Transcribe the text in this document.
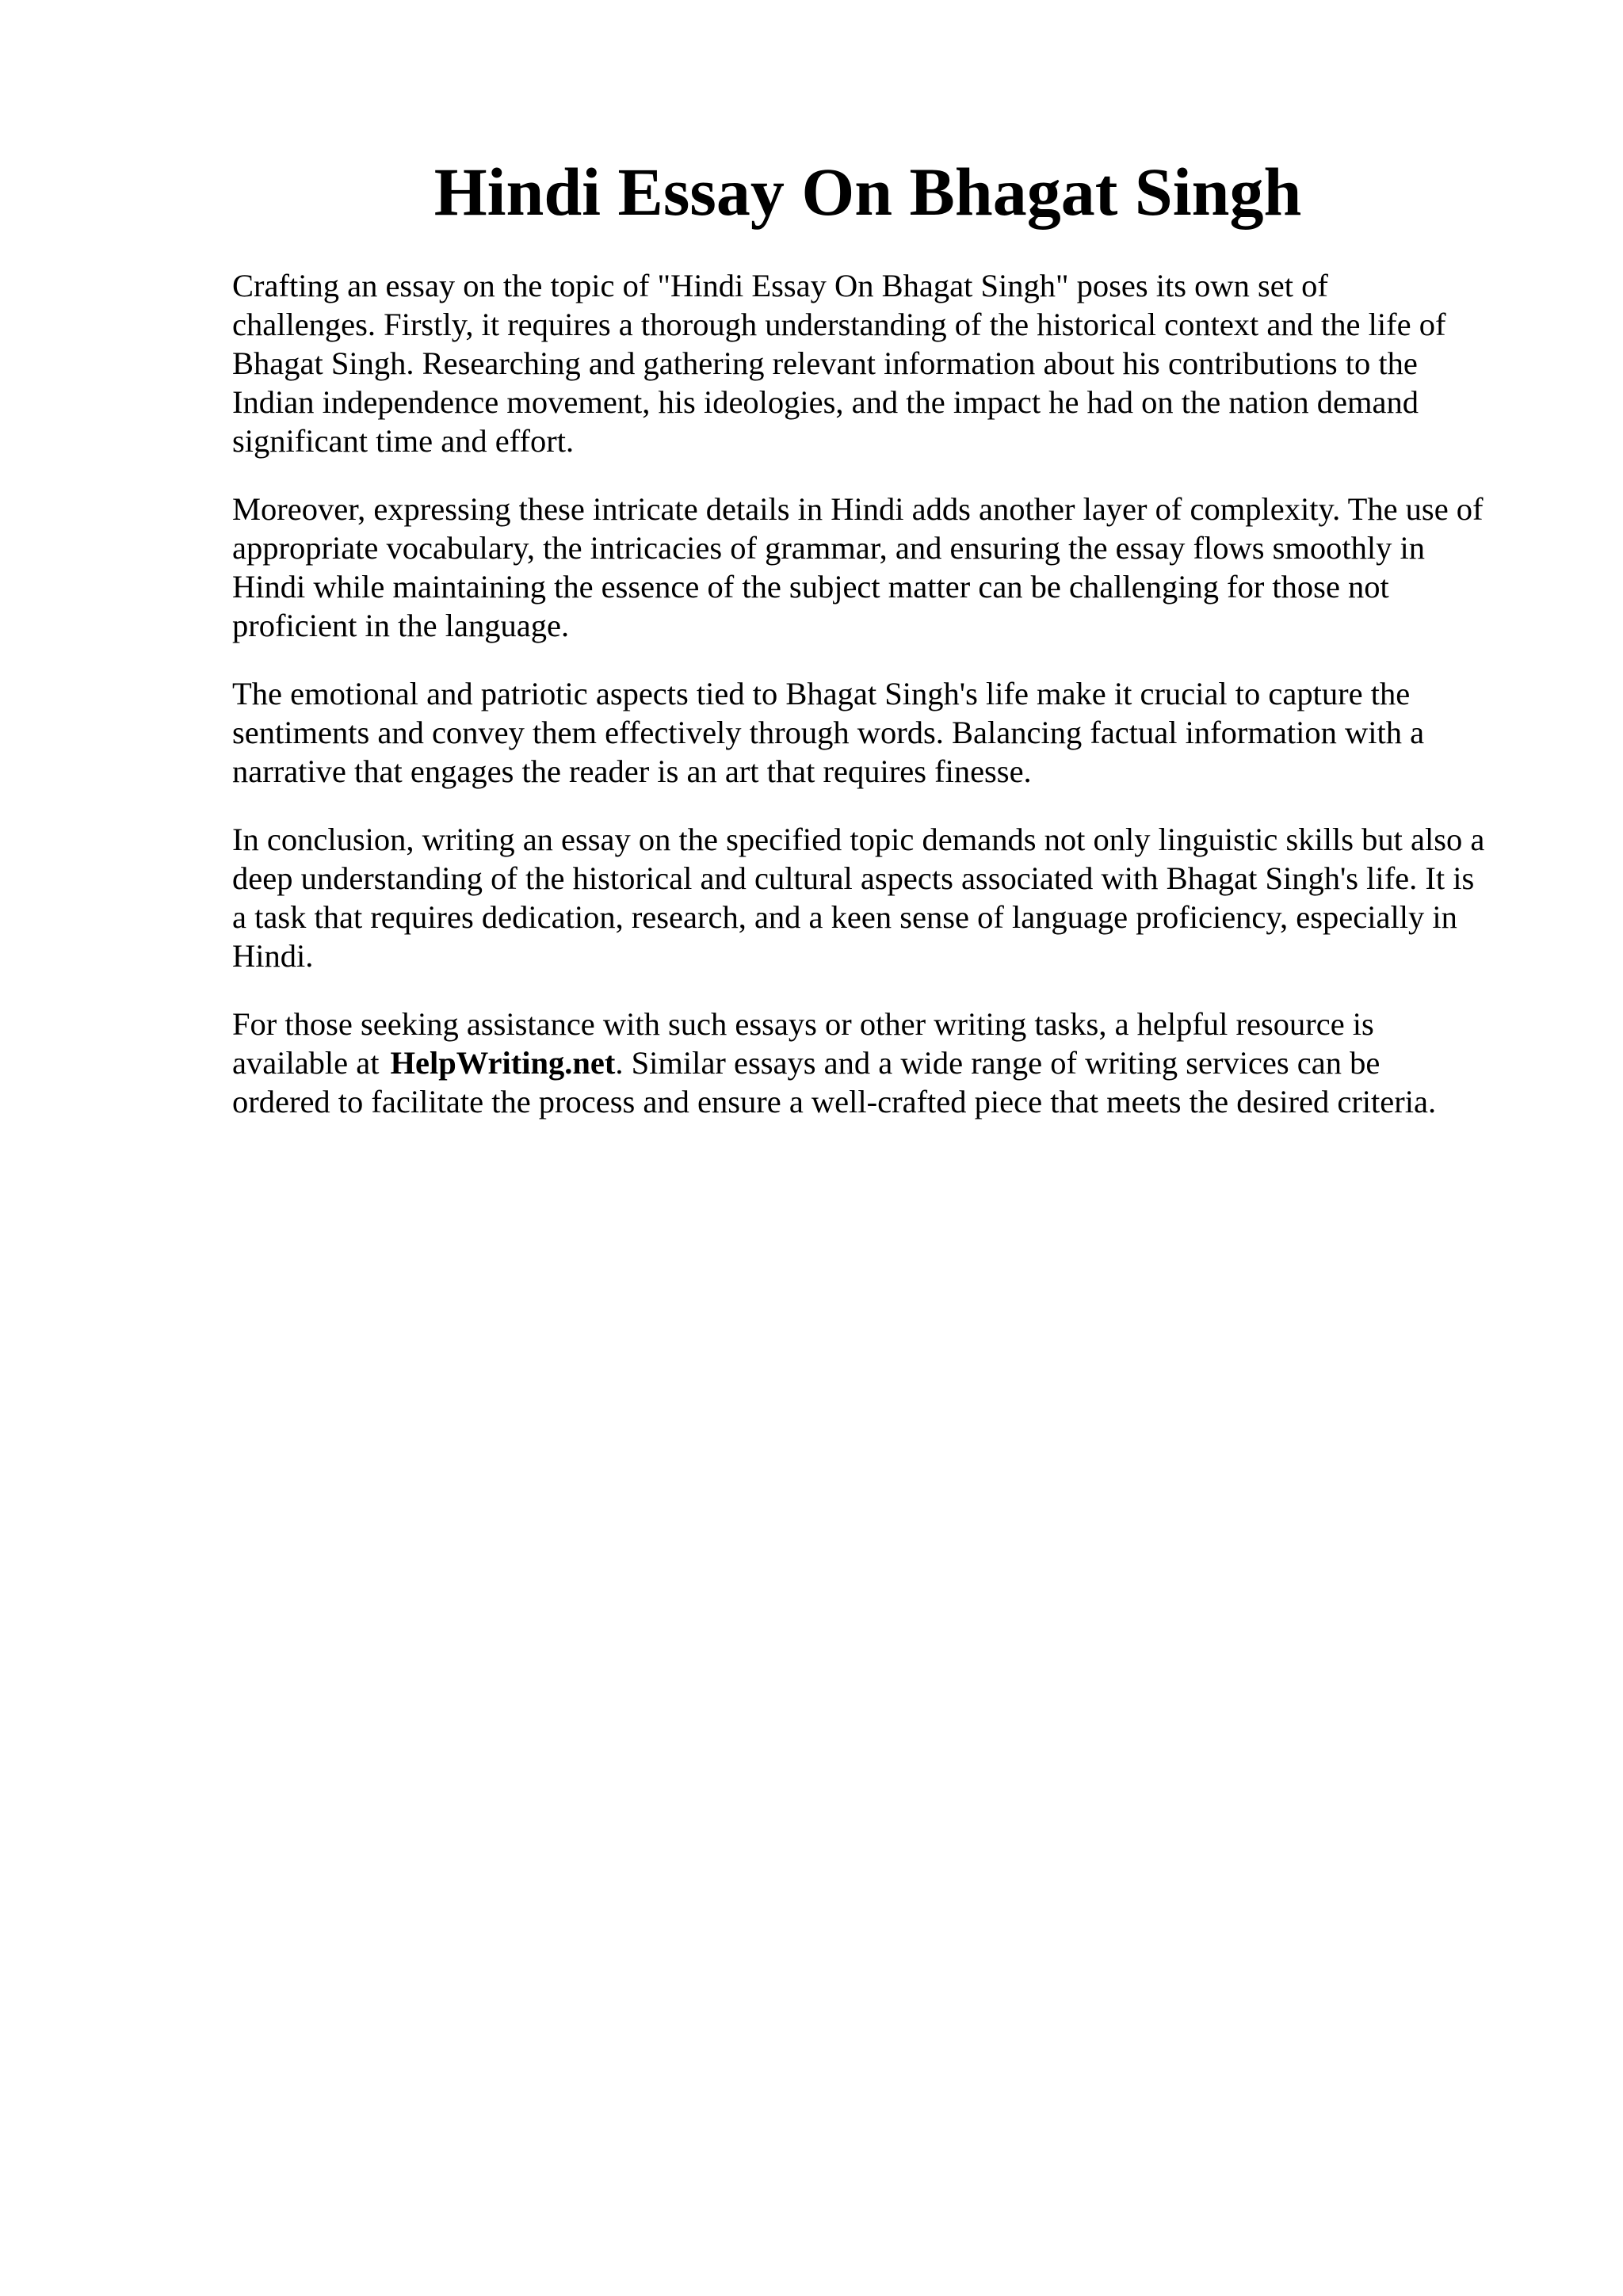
Hindi Essay On Bhagat Singh

Crafting an essay on the topic of "Hindi Essay On Bhagat Singh" poses its own set of
challenges. Firstly, it requires a thorough understanding of the historical context and the life of
Bhagat Singh. Researching and gathering relevant information about his contributions to the
Indian independence movement, his ideologies, and the impact he had on the nation demand
significant time and effort.

Moreover, expressing these intricate details in Hindi adds another layer of complexity. The use of
appropriate vocabulary, the intricacies of grammar, and ensuring the essay flows smoothly in
Hindi while maintaining the essence of the subject matter can be challenging for those not
proficient in the language.

The emotional and patriotic aspects tied to Bhagat Singh's life make it crucial to capture the
sentiments and convey them effectively through words. Balancing factual information with a
narrative that engages the reader is an art that requires finesse.

In conclusion, writing an essay on the specified topic demands not only linguistic skills but also a
deep understanding of the historical and cultural aspects associated with Bhagat Singh's life. It is
a task that requires dedication, research, and a keen sense of language proficiency, especially in
Hindi.

For those seeking assistance with such essays or other writing tasks, a helpful resource is
available at HelpWriting.net. Similar essays and a wide range of writing services can be
ordered to facilitate the process and ensure a well-crafted piece that meets the desired criteria.
